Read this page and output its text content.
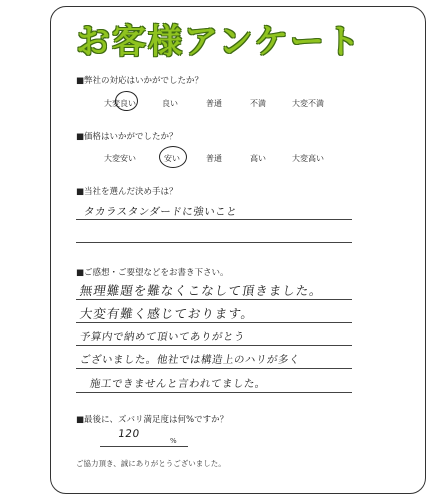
お客様アンケート
■弊社の対応はいかがでしたか？
大変良い	良い	普通	不満	大変不満
■価格はいかがでしたか？
大変安い	安い	普通	高い	大変高い
■当社を選んだ決め手は？
タカラスタンダードに強いこと
■ご感想・ご要望などをお書き下さい。
無理難題を難なくこなして頂きました。
大変有難く感じております。
予算内で納めて頂いてありがとう
ございました。他社では構造上のハリが多く
施工できませんと言われてました。
■最後に、ズバリ満足度は何%ですか？
120
%
ご協力頂き、誠にありがとうございました。
